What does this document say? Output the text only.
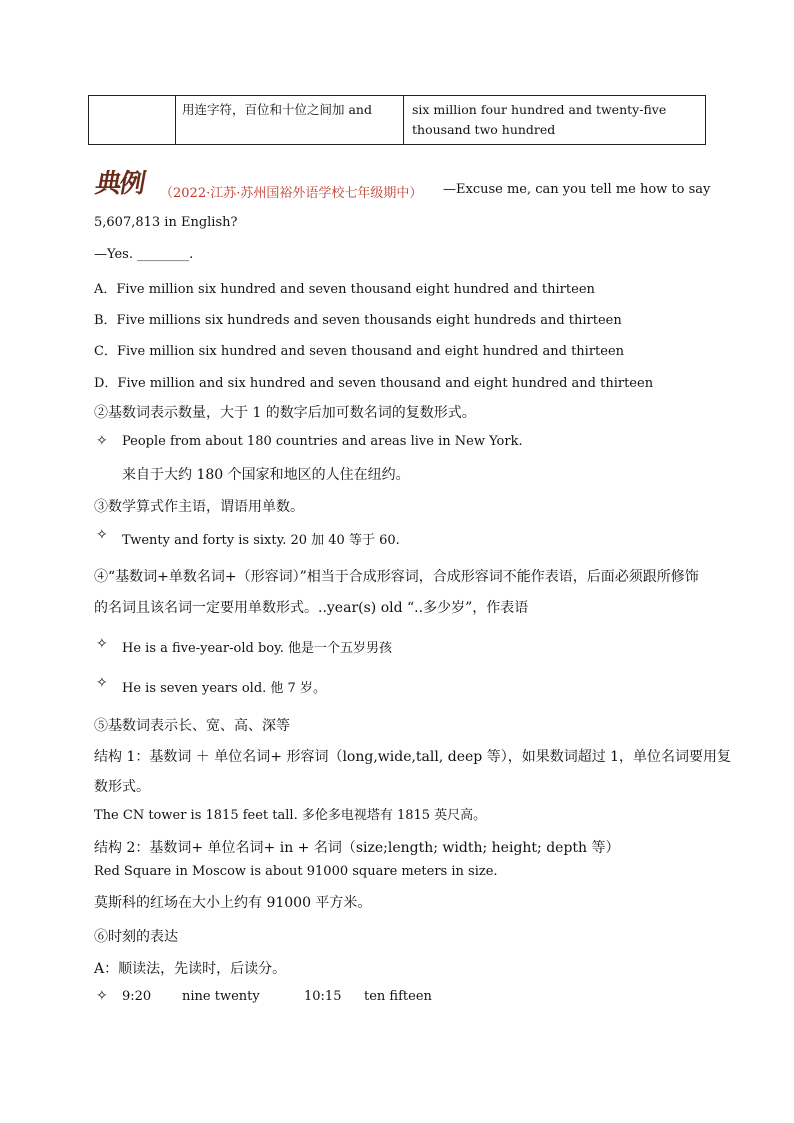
用连字符，百位和十位之间加 and	six million four hundred and twenty-five thousand two hundred
典例 （2022·江苏·苏州国裕外语学校七年级期中） —Excuse me, can you tell me how to say
5,607,813 in English?
—Yes. ________.
A．Five million six hundred and seven thousand eight hundred and thirteen
B．Five millions six hundreds and seven thousands eight hundreds and thirteen
C．Five million six hundred and seven thousand and eight hundred and thirteen
D．Five million and six hundred and seven thousand and eight hundred and thirteen
②基数词表示数量，大于 1 的数字后加可数名词的复数形式。
✧ People from about 180 countries and areas live in New York.
来自于大约 180 个国家和地区的人住在纽约。
③数学算式作主语，谓语用单数。
✧ Twenty and forty is sixty. 20 加 40 等于 60.
④“基数词+单数名词+（形容词）”相当于合成形容词，合成形容词不能作表语，后面必须跟所修饰
的名词且该名词一定要用单数形式。..year(s) old “..多少岁”，作表语
✧ He is a five-year-old boy. 他是一个五岁男孩
✧ He is seven years old. 他 7 岁。
⑤基数词表示长、宽、高、深等
结构 1：基数词 ＋ 单位名词+ 形容词（long,wide,tall, deep 等），如果数词超过 1，单位名词要用复
数形式。
The CN tower is 1815 feet tall. 多伦多电视塔有 1815 英尺高。
结构 2：基数词+ 单位名词+ in + 名词（size;length; width; height; depth 等）
Red Square in Moscow is about 91000 square meters in size.
莫斯科的红场在大小上约有 91000 平方米。
⑥时刻的表达
A：顺读法，先读时，后读分。
✧ 9:20 nine twenty	10:15 ten fifteen
